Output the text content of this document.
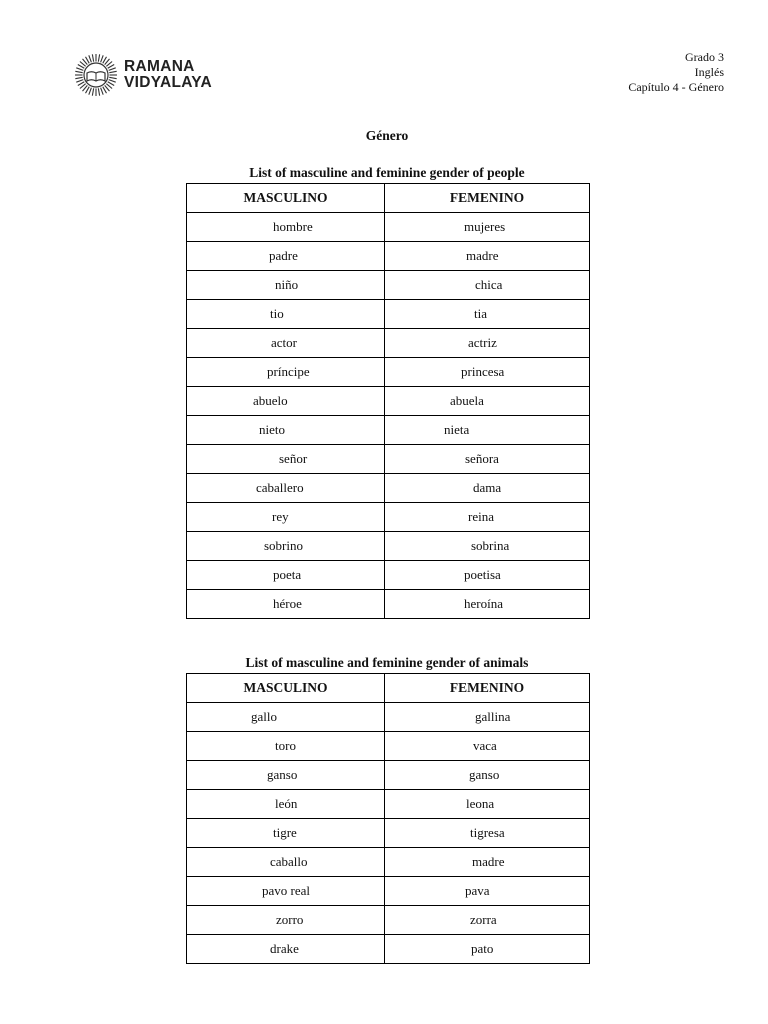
RAMANA
VIDYALAYA
Grado 3
Inglés
Capítulo 4 - Género
Género
List of masculine and feminine gender of people
MASCULINO	FEMENINO
hombre	mujeres
padre	madre
niño	chica
tio	tia
actor	actriz
príncipe	princesa
abuelo	abuela
nieto	nieta
señor	señora
caballero	dama
rey	reina
sobrino	sobrina
poeta	poetisa
héroe	heroína
List of masculine and feminine gender of animals
MASCULINO	FEMENINO
gallo	gallina
toro	vaca
ganso	ganso
león	leona
tigre	tigresa
caballo	madre
pavo real	pava
zorro	zorra
drake	pato
